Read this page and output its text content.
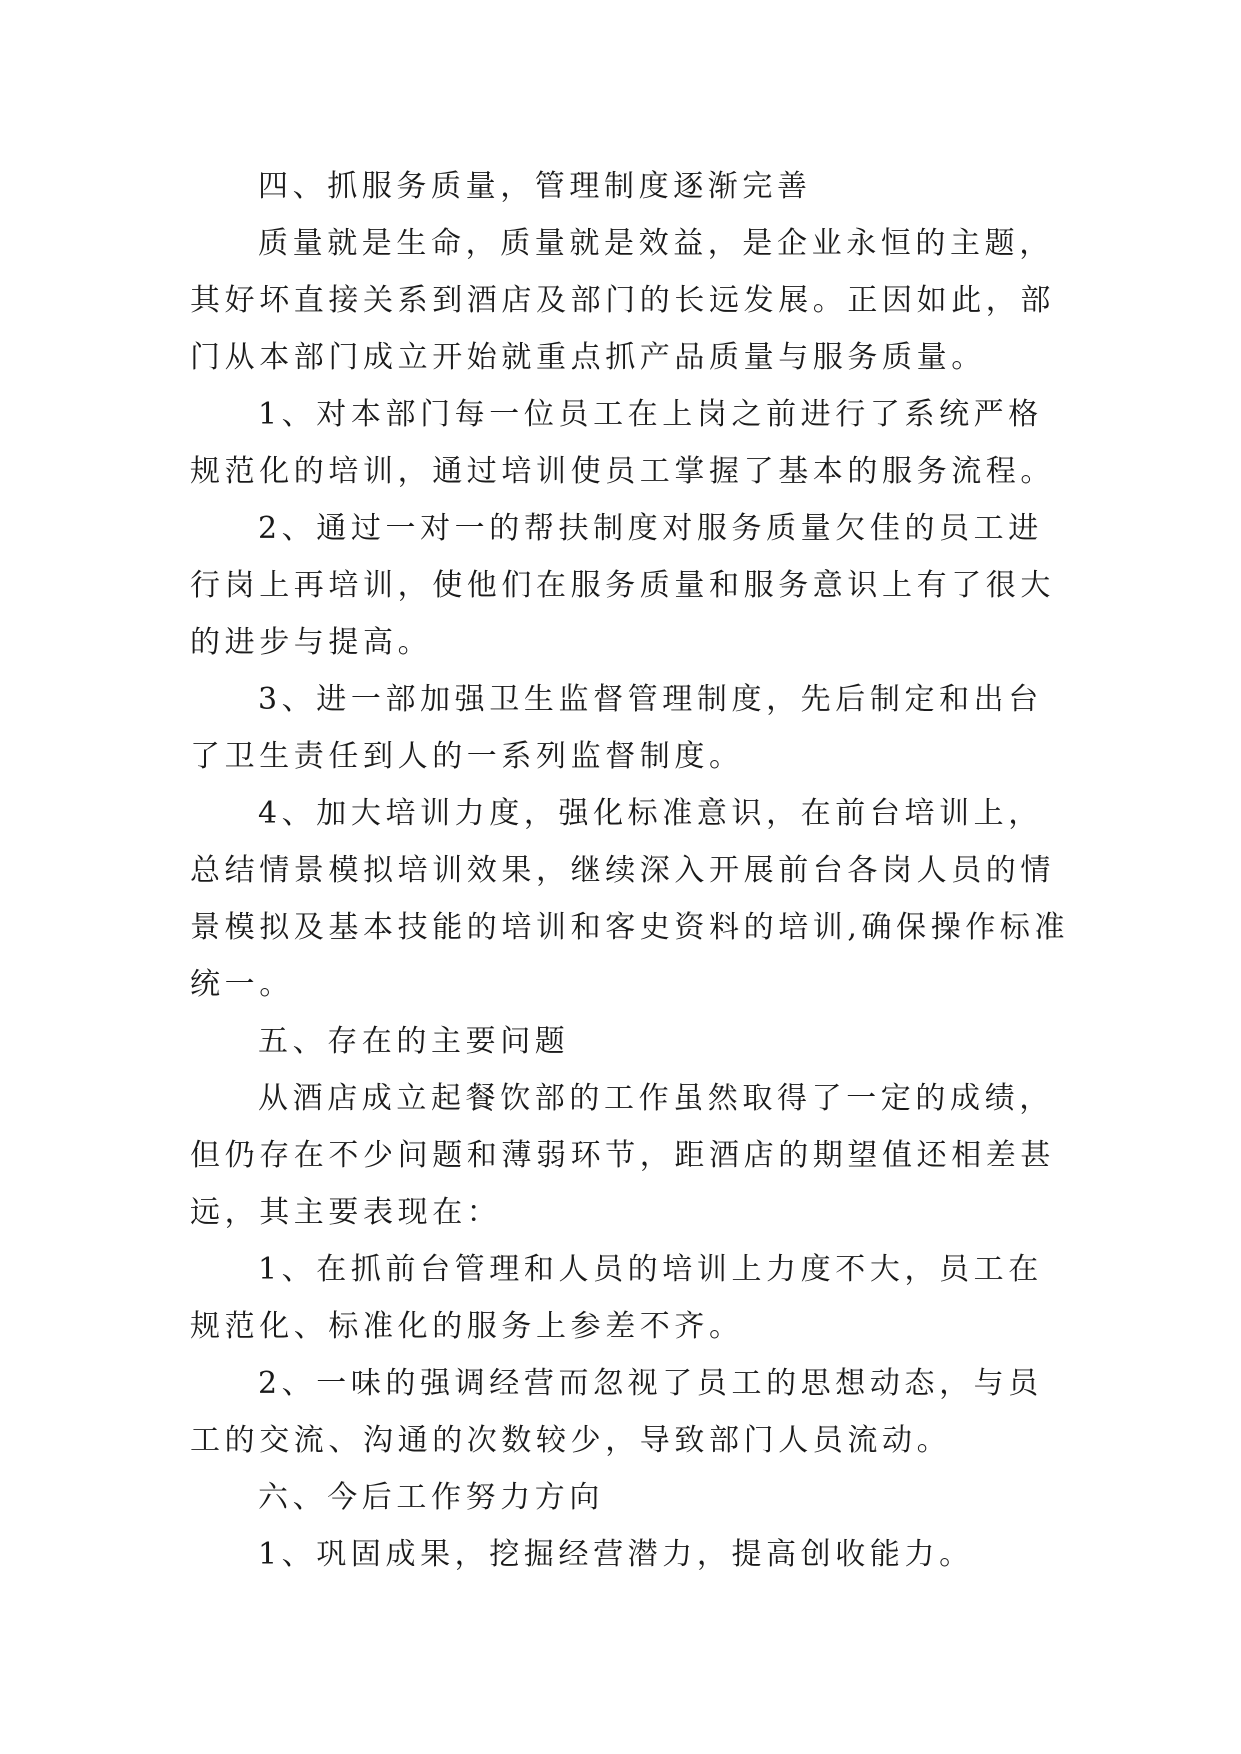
四、抓服务质量，管理制度逐渐完善

质量就是生命，质量就是效益，是企业永恒的主题，其好坏直接关系到酒店及部门的长远发展。正因如此，部门从本部门成立开始就重点抓产品质量与服务质量。

1、对本部门每一位员工在上岗之前进行了系统严格规范化的培训，通过培训使员工掌握了基本的服务流程。

2、通过一对一的帮扶制度对服务质量欠佳的员工进行岗上再培训，使他们在服务质量和服务意识上有了很大的进步与提高。

3、进一部加强卫生监督管理制度，先后制定和出台了卫生责任到人的一系列监督制度。

4、加大培训力度，强化标准意识，在前台培训上，总结情景模拟培训效果，继续深入开展前台各岗人员的情景模拟及基本技能的培训和客史资料的培训,确保操作标准统一。

五、存在的主要问题

从酒店成立起餐饮部的工作虽然取得了一定的成绩，但仍存在不少问题和薄弱环节，距酒店的期望值还相差甚远，其主要表现在：

1、在抓前台管理和人员的培训上力度不大，员工在规范化、标准化的服务上参差不齐。

2、一味的强调经营而忽视了员工的思想动态，与员工的交流、沟通的次数较少，导致部门人员流动。

六、今后工作努力方向

1、巩固成果，挖掘经营潜力，提高创收能力。
